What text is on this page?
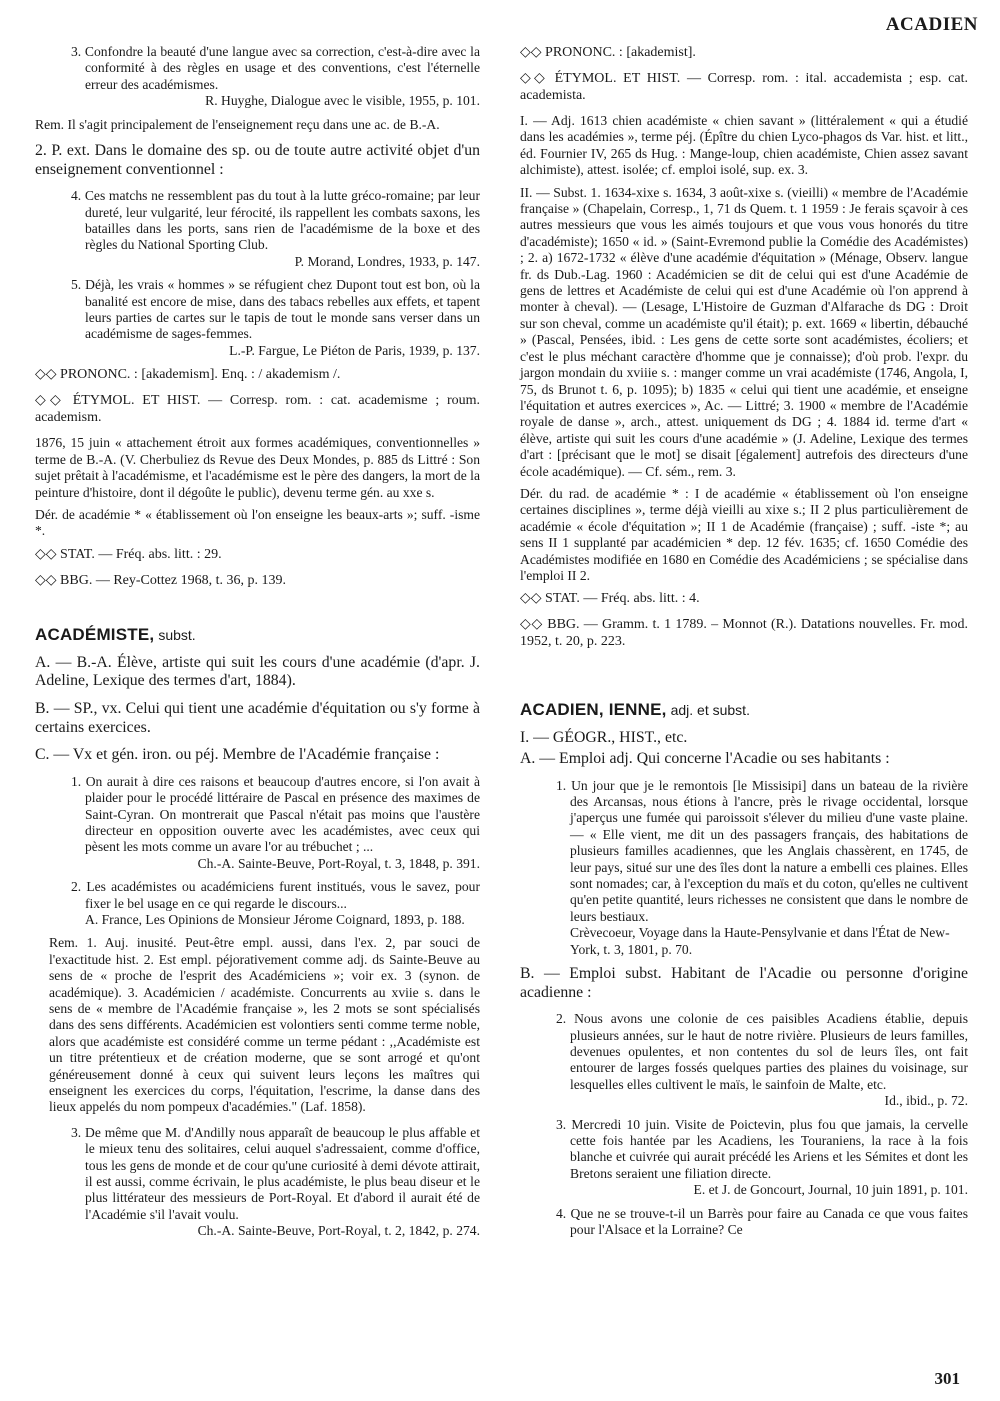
ACADIEN

3. Confondre la beauté d'une langue avec sa correction, c'est-à-dire avec la conformité à des règles en usage et des conventions, c'est l'éternelle erreur des académismes.
R. Huyghe, Dialogue avec le visible, 1955, p. 101.

Rem. Il s'agit principalement de l'enseignement reçu dans une ac. de B.-A.

2. P. ext. Dans le domaine des sp. ou de toute autre activité objet d'un enseignement conventionnel :

4. Ces matchs ne ressemblent pas du tout à la lutte gréco-romaine; par leur dureté, leur vulgarité, leur férocité, ils rappellent les combats saxons, les batailles dans les ports, sans rien de l'académisme de la boxe et des règles du National Sporting Club.
P. Morand, Londres, 1933, p. 147.

5. Déjà, les vrais « hommes » se réfugient chez Dupont tout est bon, où la banalité est encore de mise, dans des tabacs rebelles aux effets, et tapent leurs parties de cartes sur le tapis de tout le monde sans verser dans un académisme de sages-femmes.
L.-P. Fargue, Le Piéton de Paris, 1939, p. 137.

◇◇ PRONONC. : [akademism]. Enq. : / akademism /.

◇◇ ÉTYMOL. ET HIST. — Corresp. rom. : cat. academisme ; roum. academism.

1876, 15 juin « attachement étroit aux formes académiques, conventionnelles » terme de B.-A. (V. Cherbuliez ds Revue des Deux Mondes, p. 885 ds Littré : Son sujet prêtait à l'académisme, et l'académisme est le père des dangers, la mort de la peinture d'histoire, dont il dégoûte le public), devenu terme gén. au xxe s.

Dér. de académie * « établissement où l'on enseigne les beaux-arts »; suff. -isme *.

◇◇ STAT. — Fréq. abs. litt. : 29.

◇◇ BBG. — Rey-Cottez 1968, t. 36, p. 139.

ACADÉMISTE, subst.

A. — B.-A. Élève, artiste qui suit les cours d'une académie (d'apr. J. Adeline, Lexique des termes d'art, 1884).

B. — SP., vx. Celui qui tient une académie d'équitation ou s'y forme à certains exercices.

C. — Vx et gén. iron. ou péj. Membre de l'Académie française :

1. On aurait à dire ces raisons et beaucoup d'autres encore, si l'on avait à plaider pour le procédé littéraire de Pascal en présence des maximes de Saint-Cyran. On montrerait que Pascal n'était pas moins que l'austère directeur en opposition ouverte avec les académistes, avec ceux qui pèsent les mots comme un avare l'or au trébuchet ; ...
Ch.-A. Sainte-Beuve, Port-Royal, t. 3, 1848, p. 391.

2. Les académistes ou académiciens furent institués, vous le savez, pour fixer le bel usage en ce qui regarde le discours...
A. France, Les Opinions de Monsieur Jérome Coignard, 1893, p. 188.

Rem. 1. Auj. inusité. Peut-être empl. aussi, dans l'ex. 2, par souci de l'exactitude hist. 2. Est empl. péjorativement comme adj. ds Sainte-Beuve au sens de « proche de l'esprit des Académiciens »; voir ex. 3 (synon. de académique). 3. Académicien / académiste. Concurrents au xviie s. dans le sens de « membre de l'Académie française », les 2 mots se sont spécialisés dans des sens différents. Académicien est volontiers senti comme terme noble, alors que académiste est considéré comme un terme pédant : ,,Académiste est un titre prétentieux et de création moderne, que se sont arrogé et qu'ont généreusement donné à ceux qui suivent leurs leçons les maîtres qui enseignent les exercices du corps, l'équitation, l'escrime, la danse dans des lieux appelés du nom pompeux d'académies." (Laf. 1858).

3. De même que M. d'Andilly nous apparaît de beaucoup le plus affable et le mieux tenu des solitaires, celui auquel s'adressaient, comme d'office, tous les gens de monde et de cour qu'une curiosité à demi dévote attirait, il est aussi, comme écrivain, le plus académiste, le plus beau diseur et le plus littérateur des messieurs de Port-Royal. Et d'abord il aurait été de l'Académie s'il l'avait voulu.
Ch.-A. Sainte-Beuve, Port-Royal, t. 2, 1842, p. 274.

◇◇ PRONONC. : [akademist].

◇◇ ÉTYMOL. ET HIST. — Corresp. rom. : ital. accademista ; esp. cat. academista.

I. — Adj. 1613 chien académiste « chien savant » (littéralement « qui a étudié dans les académies », terme péj. (Épître du chien Lyco-phagos ds Var. hist. et litt., éd. Fournier IV, 265 ds Hug. : Mange-loup, chien académiste, Chien assez savant alchimiste), attest. isolée; cf. emploi isolé, sup. ex. 3.

II. — Subst. 1. 1634-xixe s. 1634, 3 août-xixe s. (vieilli) « membre de l'Académie française » (Chapelain, Corresp., 1, 71 ds Quem. t. 1 1959 : Je ferais sçavoir à ces autres messieurs que vous les aimés toujours et que vous vous honorés du titre d'académiste); 1650 « id. » (Saint-Evremond publie la Comédie des Académistes) ; 2. a) 1672-1732 « élève d'une académie d'équitation » (Ménage, Observ. langue fr. ds Dub.-Lag. 1960 : Académicien se dit de celui qui est d'une Académie de gens de lettres et Académiste de celui qui est d'une Académie où l'on apprend à monter à cheval). — (Lesage, L'Histoire de Guzman d'Alfarache ds DG : Droit sur son cheval, comme un académiste qu'il était); p. ext. 1669 « libertin, débauché » (Pascal, Pensées, ibid. : Les gens de cette sorte sont académistes, écoliers; et c'est le plus méchant caractère d'homme que je connaisse); d'où prob. l'expr. du jargon mondain du xviiie s. : manger comme un vrai académiste (1746, Angola, I, 75, ds Brunot t. 6, p. 1095); b) 1835 « celui qui tient une académie, et enseigne l'équitation et autres exercices », Ac. — Littré; 3. 1900 « membre de l'Académie royale de danse », arch., attest. uniquement ds DG ; 4. 1884 id. terme d'art « élève, artiste qui suit les cours d'une académie » (J. Adeline, Lexique des termes d'art : [précisant que le mot] se disait [également] autrefois des directeurs d'une école académique). — Cf. sém., rem. 3.

Dér. du rad. de académie * : I de académie « établissement où l'on enseigne certaines disciplines », terme déjà vieilli au xixe s.; II 2 plus particulièrement de académie « école d'équitation »; II 1 de Académie (française) ; suff. -iste *; au sens II 1 supplanté par académicien * dep. 12 fév. 1635; cf. 1650 Comédie des Académistes modifiée en 1680 en Comédie des Académiciens ; se spécialise dans l'emploi II 2.

◇◇ STAT. — Fréq. abs. litt. : 4.

◇◇ BBG. — Gramm. t. 1 1789. – Monnot (R.). Datations nouvelles. Fr. mod. 1952, t. 20, p. 223.

ACADIEN, IENNE, adj. et subst.

I. — GÉOGR., HIST., etc.

A. — Emploi adj. Qui concerne l'Acadie ou ses habitants :

1. Un jour que je le remontois [le Missisipi] dans un bateau de la rivière des Arcansas, nous étions à l'ancre, près le rivage occidental, lorsque j'aperçus une fumée qui paroissoit s'élever du milieu d'une vaste plaine. — « Elle vient, me dit un des passagers français, des habitations de plusieurs familles acadiennes, que les Anglais chassèrent, en 1745, de leur pays, situé sur une des îles dont la nature a embelli ces plaines. Elles sont nomades; car, à l'exception du maïs et du coton, qu'elles ne cultivent qu'en petite quantité, leurs richesses ne consistent que dans le nombre de leurs bestiaux.
Crèvecoeur, Voyage dans la Haute-Pensylvanie et dans l'État de New-York, t. 3, 1801, p. 70.

B. — Emploi subst. Habitant de l'Acadie ou personne d'origine acadienne :

2. Nous avons une colonie de ces paisibles Acadiens établie, depuis plusieurs années, sur le haut de notre rivière. Plusieurs de leurs familles, devenues opulentes, et non contentes du sol de leurs îles, ont fait entourer de larges fossés quelques parties des plaines du voisinage, sur lesquelles elles cultivent le maïs, le sainfoin de Malte, etc.
Id., ibid., p. 72.

3. Mercredi 10 juin. Visite de Poictevin, plus fou que jamais, la cervelle cette fois hantée par les Acadiens, les Touraniens, la race à la fois blanche et cuivrée qui aurait précédé les Ariens et les Sémites et dont les Bretons seraient une filiation directe.
E. et J. de Goncourt, Journal, 10 juin 1891, p. 101.

4. Que ne se trouve-t-il un Barrès pour faire au Canada ce que vous faites pour l'Alsace et la Lorraine? Ce

301
